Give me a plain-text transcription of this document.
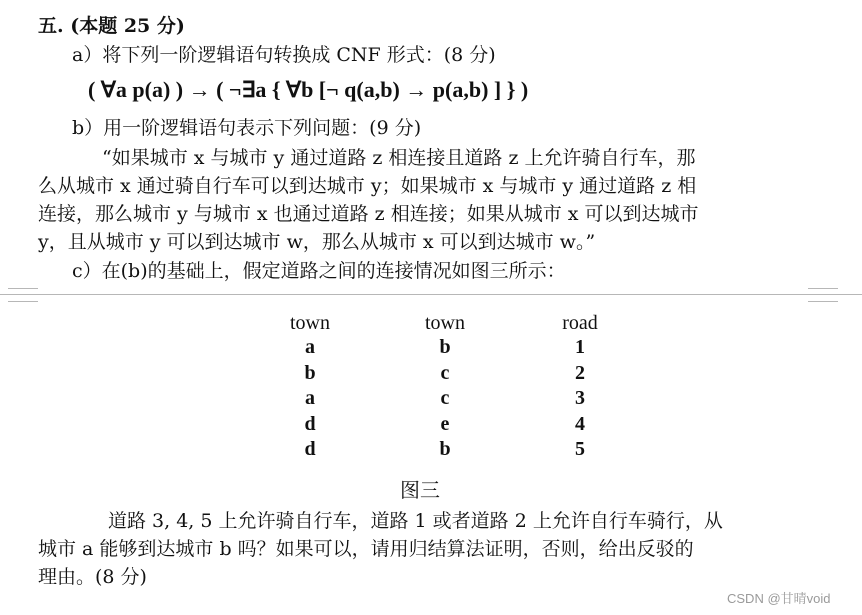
五. (本题 25 分)
a）将下列一阶逻辑语句转换成 CNF 形式：(8 分)
( ∀a p(a) ) → ( ¬∃a { ∀b [¬ q(a,b) → p(a,b) ] } )
b）用一阶逻辑语句表示下列问题：(9 分)
“如果城市 x 与城市 y 通过道路 z 相连接且道路 z 上允许骑自行车，那
么从城市 x 通过骑自行车可以到达城市 y；如果城市 x 与城市 y 通过道路 z 相
连接，那么城市 y 与城市 x 也通过道路 z 相连接；如果从城市 x 可以到达城市
y，且从城市 y 可以到达城市 w，那么从城市 x 可以到达城市 w。”
c）在(b)的基础上，假定道路之间的连接情况如图三所示：
town	town	road
a	b	1
b	c	2
a	c	3
d	e	4
d	b	5
图三
道路 3, 4, 5 上允许骑自行车，道路 1 或者道路 2 上允许自行车骑行，从
城市 a 能够到达城市 b 吗？如果可以，请用归结算法证明，否则，给出反驳的
理由。(8 分)
CSDN @甘晴void
